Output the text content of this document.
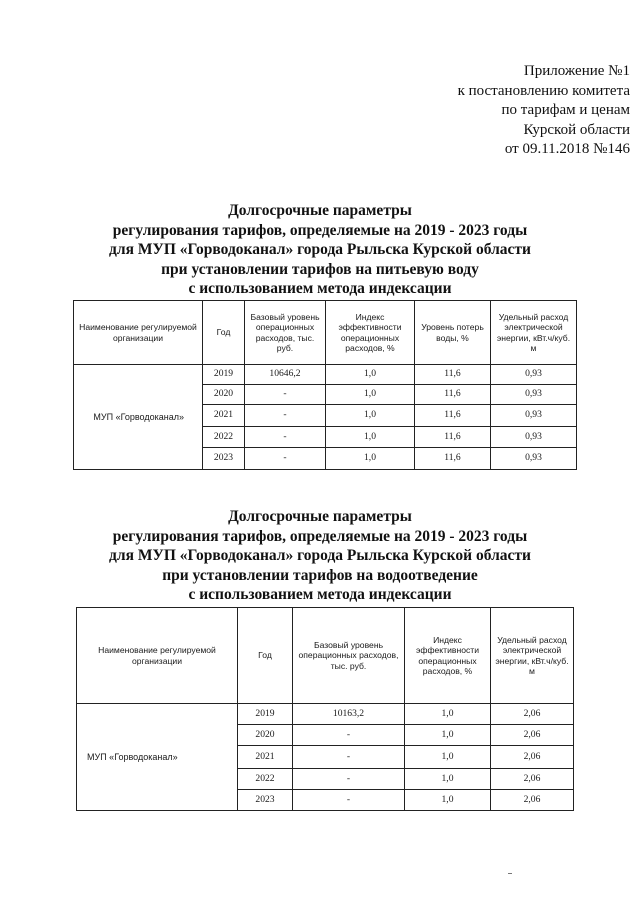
Приложение №1
к постановлению комитета
по тарифам и ценам
Курской области
от 09.11.2018 №146
Долгосрочные параметры
регулирования тарифов, определяемые на 2019 - 2023 годы
для МУП «Горводоканал» города Рыльска Курской области
при установлении тарифов на питьевую воду
с использованием метода индексации
Наименование регулируемой организации	Год	Базовый уровень операционных расходов, тыс. руб.	Индекс эффективности операционных расходов, %	Уровень потерь воды, %	Удельный расход электрической энергии, кВт.ч/куб. м
МУП «Горводоканал»	2019	10646,2	1,0	11,6	0,93
	2020	-	1,0	11,6	0,93
	2021	-	1,0	11,6	0,93
	2022	-	1,0	11,6	0,93
	2023	-	1,0	11,6	0,93
Долгосрочные параметры
регулирования тарифов, определяемые на 2019 - 2023 годы
для МУП «Горводоканал» города Рыльска Курской области
при установлении тарифов на водоотведение
с использованием метода индексации
Наименование регулируемой организации	Год	Базовый уровень операционных расходов, тыс. руб.	Индекс эффективности операционных расходов, %	Удельный расход электрической энергии, кВт.ч/куб. м
МУП «Горводоканал»	2019	10163,2	1,0	2,06
	2020	-	1,0	2,06
	2021	-	1,0	2,06
	2022	-	1,0	2,06
	2023	-	1,0	2,06
